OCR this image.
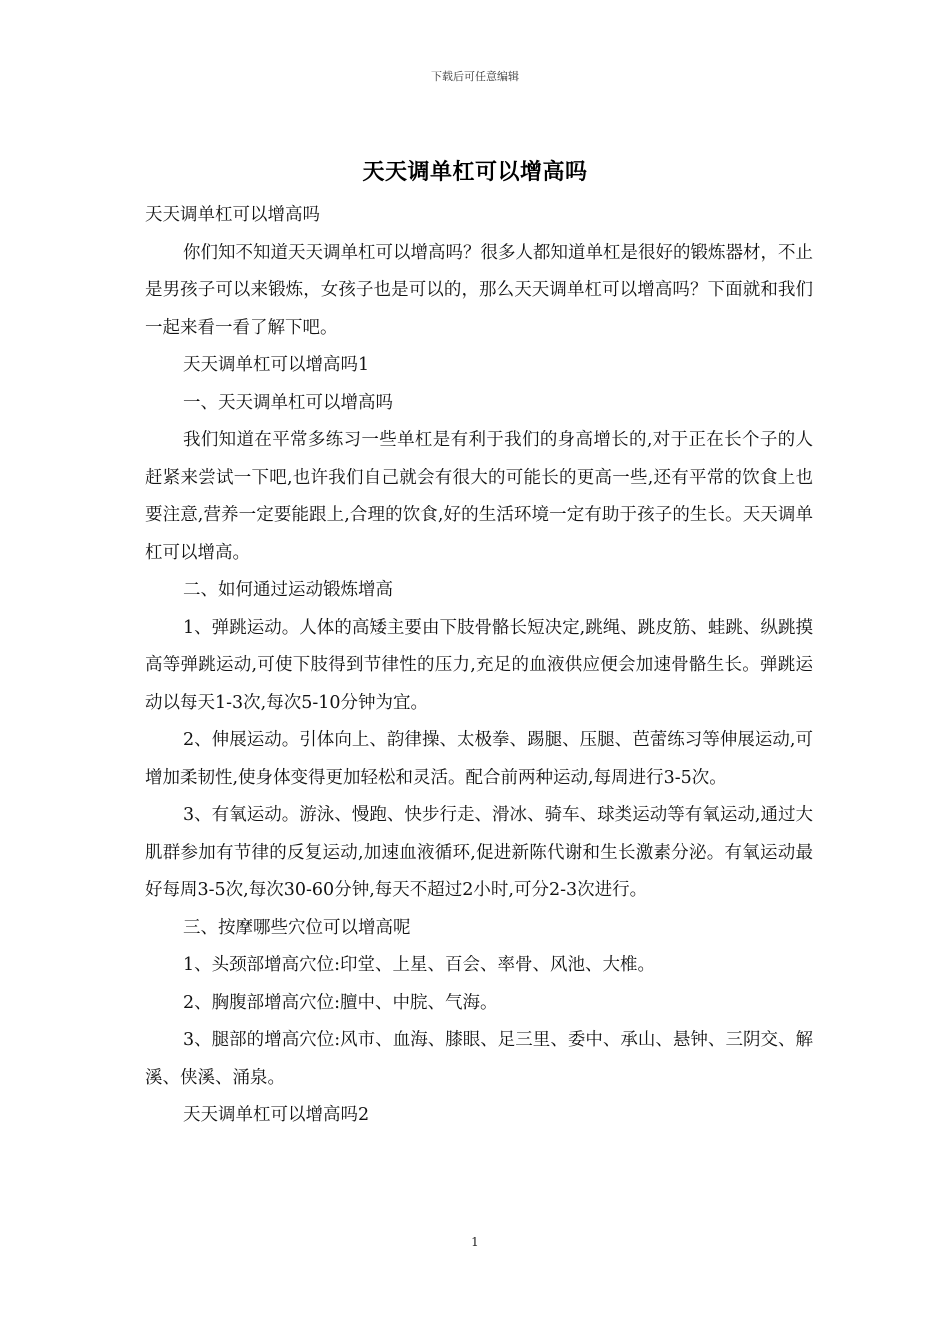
下载后可任意编辑
天天调单杠可以增高吗

天天调单杠可以增高吗

你们知不知道天天调单杠可以增高吗？很多人都知道单杠是很好的锻炼器材，不止是男孩子可以来锻炼，女孩子也是可以的，那么天天调单杠可以增高吗？下面就和我们一起来看一看了解下吧。

天天调单杠可以增高吗1

一、天天调单杠可以增高吗

我们知道在平常多练习一些单杠是有利于我们的身高增长的,对于正在长个子的人赶紧来尝试一下吧,也许我们自己就会有很大的可能长的更高一些,还有平常的饮食上也要注意,营养一定要能跟上,合理的饮食,好的生活环境一定有助于孩子的生长。天天调单杠可以增高。

二、如何通过运动锻炼增高

1、弹跳运动。人体的高矮主要由下肢骨骼长短决定,跳绳、跳皮筋、蛙跳、纵跳摸高等弹跳运动,可使下肢得到节律性的压力,充足的血液供应便会加速骨骼生长。弹跳运动以每天1-3次,每次5-10分钟为宜。

2、伸展运动。引体向上、韵律操、太极拳、踢腿、压腿、芭蕾练习等伸展运动,可增加柔韧性,使身体变得更加轻松和灵活。配合前两种运动,每周进行3-5次。

3、有氧运动。游泳、慢跑、快步行走、滑冰、骑车、球类运动等有氧运动,通过大肌群参加有节律的反复运动,加速血液循环,促进新陈代谢和生长激素分泌。有氧运动最好每周3-5次,每次30-60分钟,每天不超过2小时,可分2-3次进行。

三、按摩哪些穴位可以增高呢

1、头颈部增高穴位:印堂、上星、百会、率骨、风池、大椎。

2、胸腹部增高穴位:膻中、中脘、气海。

3、腿部的增高穴位:风市、血海、膝眼、足三里、委中、承山、悬钟、三阴交、解溪、侠溪、涌泉。

天天调单杠可以增高吗2

1
